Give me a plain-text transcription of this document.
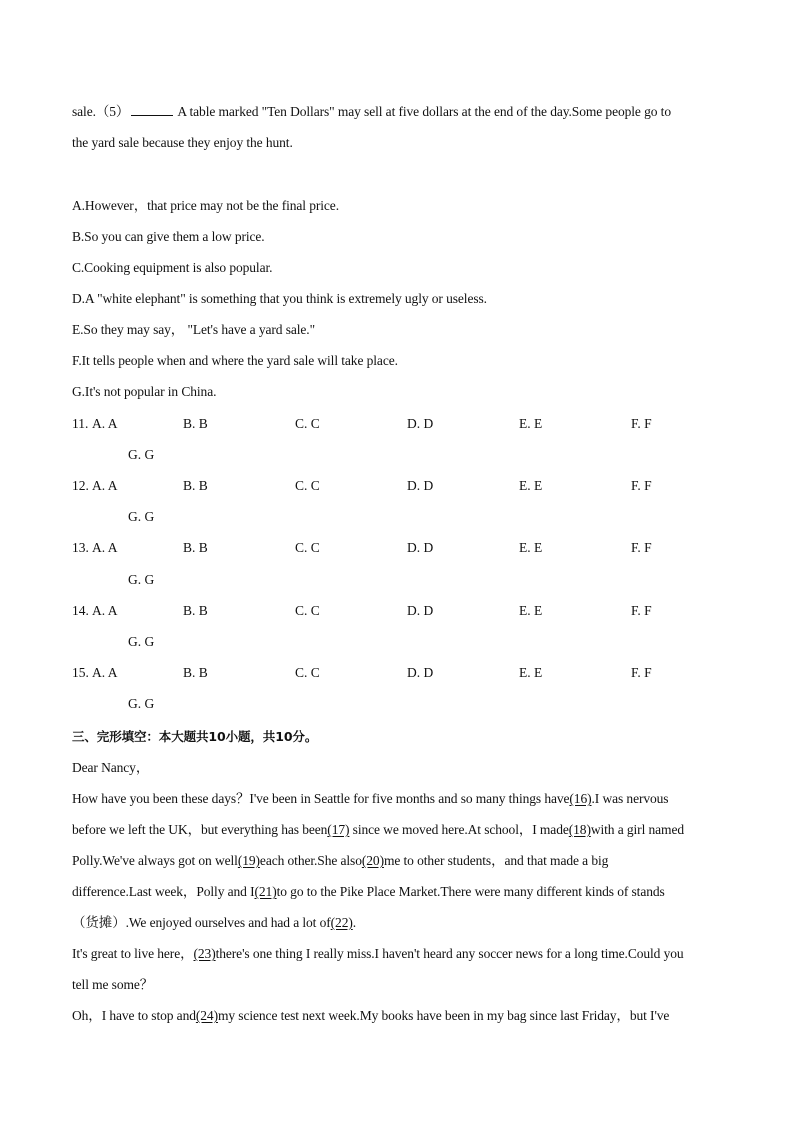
sale.（5）	A table marked "Ten Dollars" may sell at five dollars at the end of the day.Some people go to
the yard sale because they enjoy the hunt.
A.However，that price may not be the final price.
B.So you can give them a low price.
C.Cooking equipment is also popular.
D.A "white elephant" is something that you think is extremely ugly or useless.
E.So they may say， "Let's have a yard sale."
F.It tells people when and where the yard sale will take place.
G.It's not popular in China.
11. A. A	B. B	C. C	D. D	E. E	F. F
G. G
12. A. A	B. B	C. C	D. D	E. E	F. F
G. G
13. A. A	B. B	C. C	D. D	E. E	F. F
G. G
14. A. A	B. B	C. C	D. D	E. E	F. F
G. G
15. A. A	B. B	C. C	D. D	E. E	F. F
G. G
三、完形填空：本大题共10小题，共10分。
Dear Nancy，
How have you been these days？I've been in Seattle for five months and so many things have(16).I was nervous
before we left the UK，but everything has been(17) since we moved here.At school，I made(18)with a girl named
Polly.We've always got on well(19)each other.She also(20)me to other students，and that made a big
difference.Last week，Polly and I(21)to go to the Pike Place Market.There were many different kinds of stands
（货摊）.We enjoyed ourselves and had a lot of(22).
It's great to live here，(23)there's one thing I really miss.I haven't heard any soccer news for a long time.Could you
tell me some？
Oh，I have to stop and(24)my science test next week.My books have been in my bag since last Friday，but I've
